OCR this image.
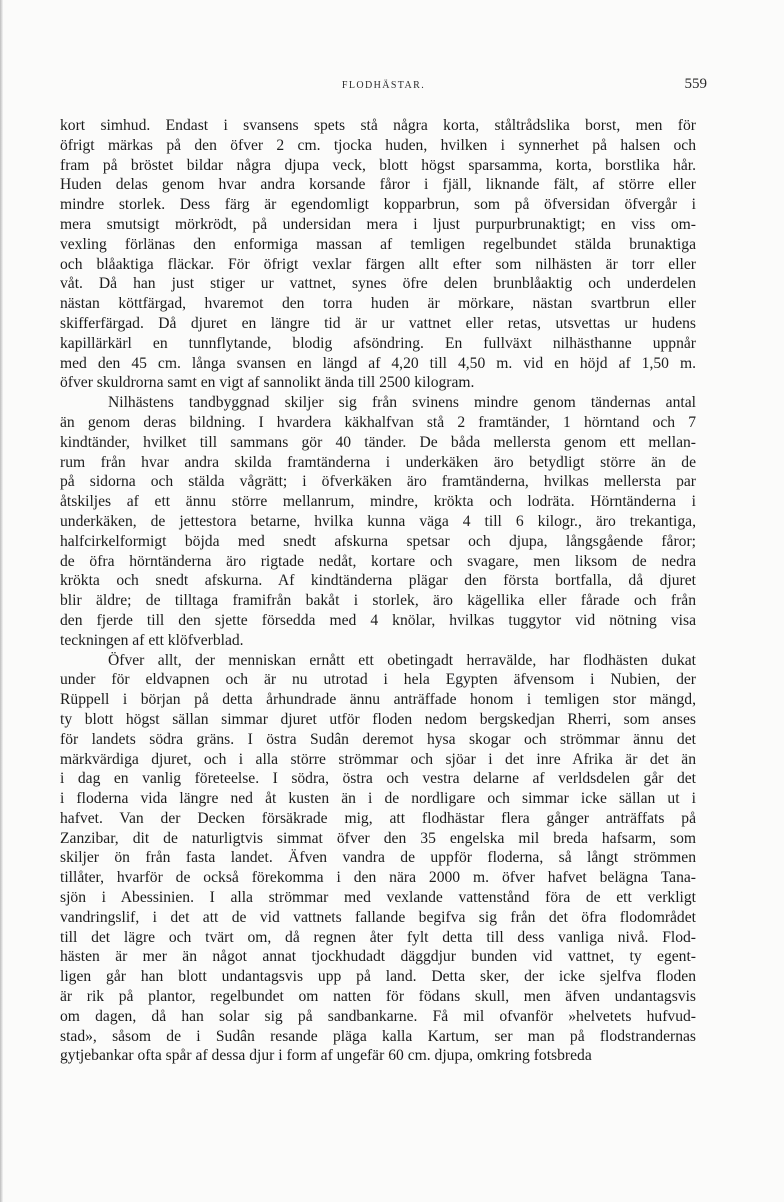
FLODHÄSTAR.	559
kort simhud. Endast i svansens spets stå några korta, ståltrådslika borst, men för
öfrigt märkas på den öfver 2 cm. tjocka huden, hvilken i synnerhet på halsen och
fram på bröstet bildar några djupa veck, blott högst sparsamma, korta, borstlika hår.
Huden delas genom hvar andra korsande fåror i fjäll, liknande fält, af större eller
mindre storlek. Dess färg är egendomligt kopparbrun, som på öfversidan öfvergår i
mera smutsigt mörkrödt, på undersidan mera i ljust purpurbrunaktigt; en viss om-
vexling förlänas den enformiga massan af temligen regelbundet stälda brunaktiga
och blåaktiga fläckar. För öfrigt vexlar färgen allt efter som nilhästen är torr eller
våt. Då han just stiger ur vattnet, synes öfre delen brunblåaktig och underdelen
nästan köttfärgad, hvaremot den torra huden är mörkare, nästan svartbrun eller
skifferfärgad. Då djuret en längre tid är ur vattnet eller retas, utsvettas ur hudens
kapillärkärl en tunnflytande, blodig afsöndring. En fullväxt nilhästhanne uppnår
med den 45 cm. långa svansen en längd af 4,20 till 4,50 m. vid en höjd af 1,50 m.
öfver skuldrorna samt en vigt af sannolikt ända till 2500 kilogram.
Nilhästens tandbyggnad skiljer sig från svinens mindre genom tändernas antal
än genom deras bildning. I hvardera käkhalfvan stå 2 framtänder, 1 hörntand och 7
kindtänder, hvilket till sammans gör 40 tänder. De båda mellersta genom ett mellan-
rum från hvar andra skilda framtänderna i underkäken äro betydligt större än de
på sidorna och stälda vågrätt; i öfverkäken äro framtänderna, hvilkas mellersta par
åtskiljes af ett ännu större mellanrum, mindre, krökta och lodräta. Hörntänderna i
underkäken, de jettestora betarne, hvilka kunna väga 4 till 6 kilogr., äro trekantiga,
halfcirkelformigt böjda med snedt afskurna spetsar och djupa, långsgående fåror;
de öfra hörntänderna äro rigtade nedåt, kortare och svagare, men liksom de nedra
krökta och snedt afskurna. Af kindtänderna plägar den första bortfalla, då djuret
blir äldre; de tilltaga framifrån bakåt i storlek, äro kägellika eller fårade och från
den fjerde till den sjette försedda med 4 knölar, hvilkas tuggytor vid nötning visa
teckningen af ett klöfverblad.
Öfver allt, der menniskan ernått ett obetingadt herravälde, har flodhästen dukat
under för eldvapnen och är nu utrotad i hela Egypten äfvensom i Nubien, der
Rüppell i början på detta århundrade ännu anträffade honom i temligen stor mängd,
ty blott högst sällan simmar djuret utför floden nedom bergskedjan Rherri, som anses
för landets södra gräns. I östra Sudân deremot hysa skogar och strömmar ännu det
märkvärdiga djuret, och i alla större strömmar och sjöar i det inre Afrika är det än
i dag en vanlig företeelse. I södra, östra och vestra delarne af verldsdelen går det
i floderna vida längre ned åt kusten än i de nordligare och simmar icke sällan ut i
hafvet. Van der Decken försäkrade mig, att flodhästar flera gånger anträffats på
Zanzibar, dit de naturligtvis simmat öfver den 35 engelska mil breda hafsarm, som
skiljer ön från fasta landet. Äfven vandra de uppför floderna, så långt strömmen
tillåter, hvarför de också förekomma i den nära 2000 m. öfver hafvet belägna Tana-
sjön i Abessinien. I alla strömmar med vexlande vattenstånd föra de ett verkligt
vandringslif, i det att de vid vattnets fallande begifva sig från det öfra flodområdet
till det lägre och tvärt om, då regnen åter fylt detta till dess vanliga nivå. Flod-
hästen är mer än något annat tjockhudadt däggdjur bunden vid vattnet, ty egent-
ligen går han blott undantagsvis upp på land. Detta sker, der icke sjelfva floden
är rik på plantor, regelbundet om natten för födans skull, men äfven undantagsvis
om dagen, då han solar sig på sandbankarne. Få mil ofvanför »helvetets hufvud-
stad», såsom de i Sudân resande pläga kalla Kartum, ser man på flodstrandernas
gytjebankar ofta spår af dessa djur i form af ungefär 60 cm. djupa, omkring fotsbreda
